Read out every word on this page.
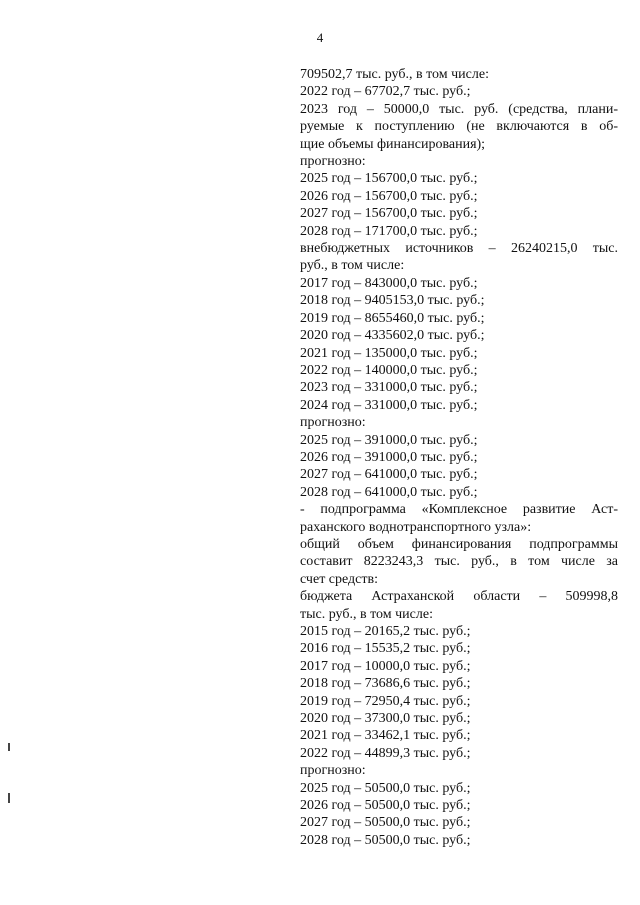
4
709502,7 тыс. руб., в том числе:
2022 год – 67702,7 тыс. руб.;
2023 год – 50000,0 тыс. руб. (средства, плани-
руемые к поступлению (не включаются в об-
щие объемы финансирования);
прогнозно:
2025 год – 156700,0 тыс. руб.;
2026 год – 156700,0 тыс. руб.;
2027 год – 156700,0 тыс. руб.;
2028 год – 171700,0 тыс. руб.;
внебюджетных источников – 26240215,0 тыс.
руб., в том числе:
2017 год – 843000,0 тыс. руб.;
2018 год – 9405153,0 тыс. руб.;
2019 год – 8655460,0 тыс. руб.;
2020 год – 4335602,0 тыс. руб.;
2021 год – 135000,0 тыс. руб.;
2022 год – 140000,0 тыс. руб.;
2023 год – 331000,0 тыс. руб.;
2024 год – 331000,0 тыс. руб.;
прогнозно:
2025 год – 391000,0 тыс. руб.;
2026 год – 391000,0 тыс. руб.;
2027 год – 641000,0 тыс. руб.;
2028 год – 641000,0 тыс. руб.;
- подпрограмма «Комплексное развитие Аст-
раханского воднотранспортного узла»:
общий объем финансирования подпрограммы
составит 8223243,3 тыс. руб., в том числе за
счет средств:
бюджета Астраханской области – 509998,8
тыс. руб., в том числе:
2015 год – 20165,2 тыс. руб.;
2016 год – 15535,2 тыс. руб.;
2017 год – 10000,0 тыс. руб.;
2018 год – 73686,6 тыс. руб.;
2019 год – 72950,4 тыс. руб.;
2020 год – 37300,0 тыс. руб.;
2021 год – 33462,1 тыс. руб.;
2022 год – 44899,3 тыс. руб.;
прогнозно:
2025 год – 50500,0 тыс. руб.;
2026 год – 50500,0 тыс. руб.;
2027 год – 50500,0 тыс. руб.;
2028 год – 50500,0 тыс. руб.;
